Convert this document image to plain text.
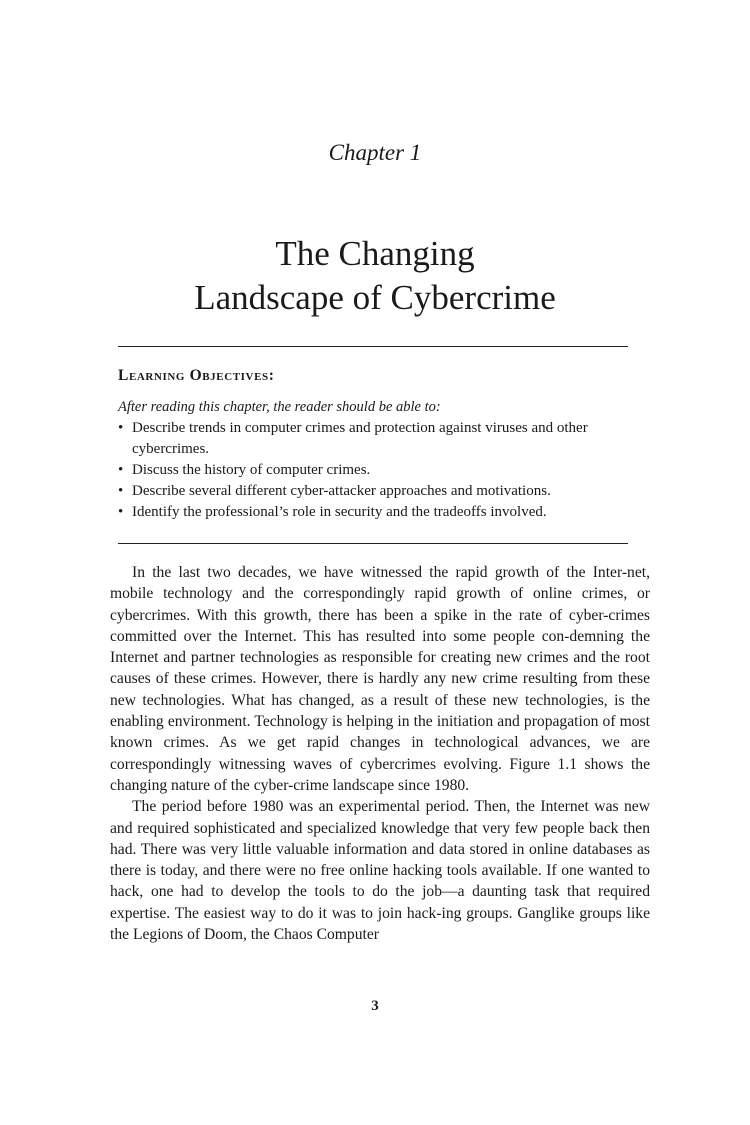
Chapter 1
The Changing
Landscape of Cybercrime
Learning Objectives:
After reading this chapter, the reader should be able to:
• Describe trends in computer crimes and protection against viruses and other cybercrimes.
• Discuss the history of computer crimes.
• Describe several different cyber-attacker approaches and motivations.
• Identify the professional’s role in security and the tradeoffs involved.

In the last two decades, we have witnessed the rapid growth of the Inter-net, mobile technology and the correspondingly rapid growth of online crimes, or cybercrimes. With this growth, there has been a spike in the rate of cyber-crimes committed over the Internet. This has resulted into some people con-demning the Internet and partner technologies as responsible for creating new crimes and the root causes of these crimes. However, there is hardly any new crime resulting from these new technologies. What has changed, as a result of these new technologies, is the enabling environment. Technology is helping in the initiation and propagation of most known crimes. As we get rapid changes in technological advances, we are correspondingly witnessing waves of cybercrimes evolving. Figure 1.1 shows the changing nature of the cyber-crime landscape since 1980.

The period before 1980 was an experimental period. Then, the Internet was new and required sophisticated and specialized knowledge that very few people back then had. There was very little valuable information and data stored in online databases as there is today, and there were no free online hacking tools available. If one wanted to hack, one had to develop the tools to do the job—a daunting task that required expertise. The easiest way to do it was to join hack-ing groups. Ganglike groups like the Legions of Doom, the Chaos Computer

3
